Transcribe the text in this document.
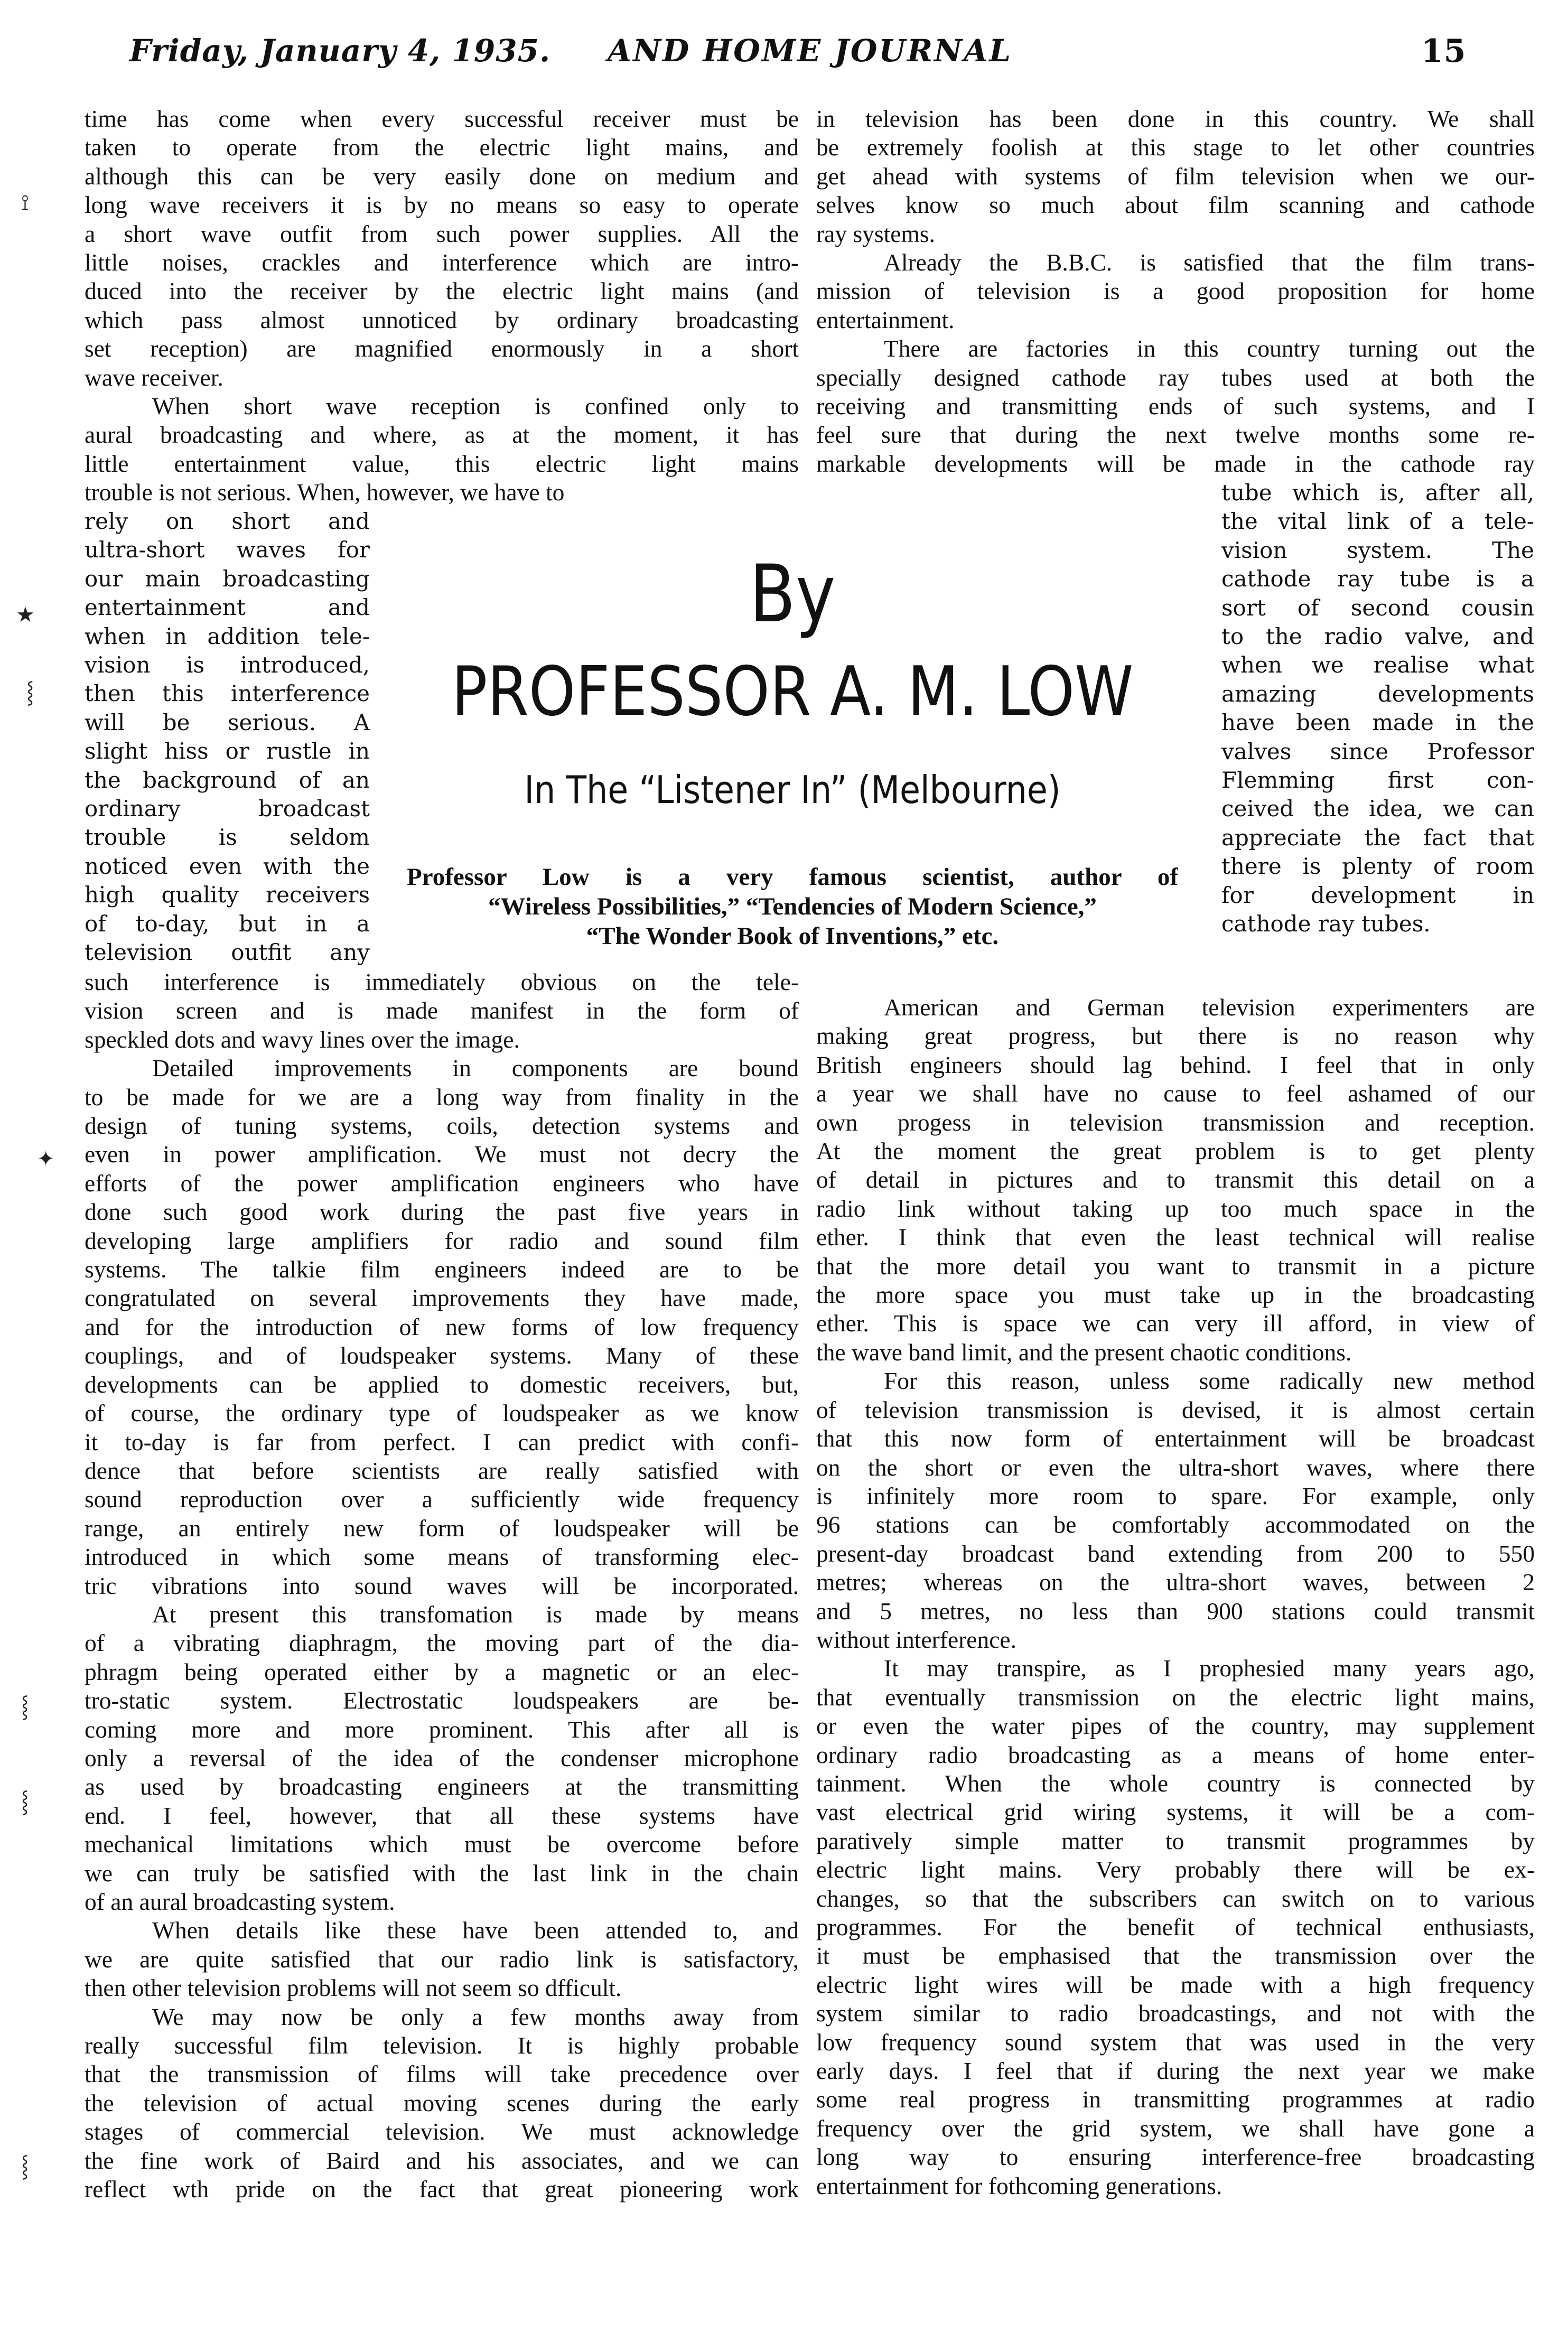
Friday, January 4, 1935. AND HOME JOURNAL	15
time has come when every successful receiver must be
taken to operate from the electric light mains, and
although this can be very easily done on medium and
long wave receivers it is by no means so easy to operate
a short wave outfit from such power supplies. All the
little noises, crackles and interference which are intro-
duced into the receiver by the electric light mains (and
which pass almost unnoticed by ordinary broadcasting
set reception) are magnified enormously in a short
wave receiver.
When short wave reception is confined only to
aural broadcasting and where, as at the moment, it has
little entertainment value, this electric light mains
trouble is not serious. When, however, we have to
rely on short and
ultra-short waves for
our main broadcasting
entertainment and
when in addition tele-
vision is introduced,
then this interference
will be serious. A
slight hiss or rustle in
the background of an
ordinary broadcast
trouble is seldom
noticed even with the
high quality receivers
of to-day, but in a
television outfit any
such interference is immediately obvious on the tele-
vision screen and is made manifest in the form of
speckled dots and wavy lines over the image.
Detailed improvements in components are bound
to be made for we are a long way from finality in the
design of tuning systems, coils, detection systems and
even in power amplification. We must not decry the
efforts of the power amplification engineers who have
done such good work during the past five years in
developing large amplifiers for radio and sound film
systems. The talkie film engineers indeed are to be
congratulated on several improvements they have made,
and for the introduction of new forms of low frequency
couplings, and of loudspeaker systems. Many of these
developments can be applied to domestic receivers, but,
of course, the ordinary type of loudspeaker as we know
it to-day is far from perfect. I can predict with confi-
dence that before scientists are really satisfied with
sound reproduction over a sufficiently wide frequency
range, an entirely new form of loudspeaker will be
introduced in which some means of transforming elec-
tric vibrations into sound waves will be incorporated.
At present this transfomation is made by means
of a vibrating diaphragm, the moving part of the dia-
phragm being operated either by a magnetic or an elec-
tro-static system. Electrostatic loudspeakers are be-
coming more and more prominent. This after all is
only a reversal of the idea of the condenser microphone
as used by broadcasting engineers at the transmitting
end. I feel, however, that all these systems have
mechanical limitations which must be overcome before
we can truly be satisfied with the last link in the chain
of an aural broadcasting system.
When details like these have been attended to, and
we are quite satisfied that our radio link is satisfactory,
then other television problems will not seem so dfficult.
We may now be only a few months away from
really successful film television. It is highly probable
that the transmission of films will take precedence over
the television of actual moving scenes during the early
stages of commercial television. We must acknowledge
the fine work of Baird and his associates, and we can
reflect wth pride on the fact that great pioneering work
By
PROFESSOR A. M. LOW
In The “Listener In” (Melbourne)
Professor Low is a very famous scientist, author of
“Wireless Possibilities,” “Tendencies of Modern Science,”
“The Wonder Book of Inventions,” etc.
in television has been done in this country. We shall
be extremely foolish at this stage to let other countries
get ahead with systems of film television when we our-
selves know so much about film scanning and cathode
ray systems.
Already the B.B.C. is satisfied that the film trans-
mission of television is a good proposition for home
entertainment.
There are factories in this country turning out the
specially designed cathode ray tubes used at both the
receiving and transmitting ends of such systems, and I
feel sure that during the next twelve months some re-
markable developments will be made in the cathode ray
tube which is, after all,
the vital link of a tele-
vision system. The
cathode ray tube is a
sort of second cousin
to the radio valve, and
when we realise what
amazing developments
have been made in the
valves since Professor
Flemming first con-
ceived the idea, we can
appreciate the fact that
there is plenty of room
for development in
cathode ray tubes.
American and German television experimenters are
making great progress, but there is no reason why
British engineers should lag behind. I feel that in only
a year we shall have no cause to feel ashamed of our
own progess in television transmission and reception.
At the moment the great problem is to get plenty
of detail in pictures and to transmit this detail on a
radio link without taking up too much space in the
ether. I think that even the least technical will realise
that the more detail you want to transmit in a picture
the more space you must take up in the broadcasting
ether. This is space we can very ill afford, in view of
the wave band limit, and the present chaotic conditions.
For this reason, unless some radically new method
of television transmission is devised, it is almost certain
that this now form of entertainment will be broadcast
on the short or even the ultra-short waves, where there
is infinitely more room to spare. For example, only
96 stations can be comfortably accommodated on the
present-day broadcast band extending from 200 to 550
metres; whereas on the ultra-short waves, between 2
and 5 metres, no less than 900 stations could transmit
without interference.
It may transpire, as I prophesied many years ago,
that eventually transmission on the electric light mains,
or even the water pipes of the country, may supplement
ordinary radio broadcasting as a means of home enter-
tainment. When the whole country is connected by
vast electrical grid wiring systems, it will be a com-
paratively simple matter to transmit programmes by
electric light mains. Very probably there will be ex-
changes, so that the subscribers can switch on to various
programmes. For the benefit of technical enthusiasts,
it must be emphasised that the transmission over the
electric light wires will be made with a high frequency
system similar to radio broadcastings, and not with the
low frequency sound system that was used in the very
early days. I feel that if during the next year we make
some real progress in transmitting programmes at radio
frequency over the grid system, we shall have gone a
long way to ensuring interference-free broadcasting
entertainment for fothcoming generations.
⟟
★
⸾
✦
⸾
⸾
⸾
